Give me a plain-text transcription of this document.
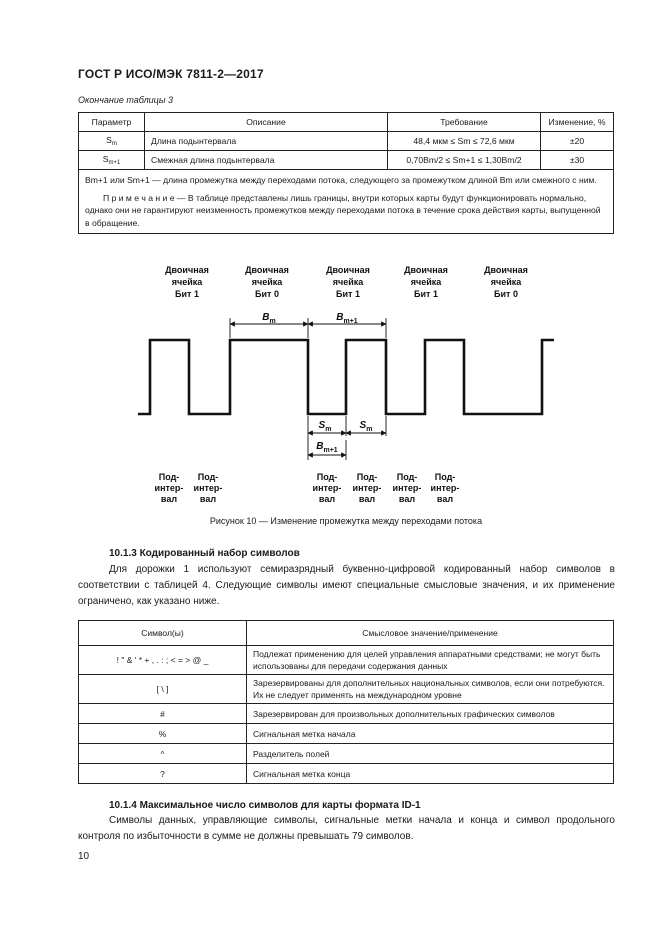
ГОСТ Р ИСО/МЭК 7811-2—2017
Окончание таблицы 3
Параметр	Описание	Требование	Изменение, %
$S_m$	Длина подынтервала	48,4 мкм ≤ Sm ≤ 72,6 мкм	±20
$S_{m+1}$	Смежная длина подынтервала	0,70Bm/2 ≤ Sm+1 ≤ 1,30Bm/2	±30

Bm+1 или Sm+1 — длина промежутка между переходами потока, следующего за промежутком длиной Bm или смежного с ним.

П р и м е ч а н и е — В таблице представлены лишь границы, внутри которых карты будут функционировать нормально, однако они не гарантируют неизменность промежутков между переходами потока в течение срока действия карты, выпущенной в обращение.			

Двоичная
ячейка
Бит 1
Двоичная
ячейка
Бит 0
Двоичная
ячейка
Бит 1
Двоичная
ячейка
Бит 1
Двоичная
ячейка
Бит 0
$B_m$	$B_{m+1}$
$S_m$	$S_m$
$B_{m+1}$
Под-интер-вал
Под-интер-вал
Под-интер-вал
Под-интер-вал
Под-интер-вал
Под-интер-вал
Рисунок 10 — Изменение промежутка между переходами потока
10.1.3 Кодированный набор символов
Для дорожки 1 используют семиразрядный буквенно-цифровой кодированный набор символов в соответствии с таблицей 4. Следующие символы имеют специальные смысловые значения, и их применение ограничено, как указано ниже.
Символ(ы)	Смысловое значение/применение
! " & ' * + , . : ; < = > @ _	Подлежат применению для целей управления аппаратными средствами; не могут быть использованы для передачи содержания данных
[ \ ]	Зарезервированы для дополнительных национальных символов, если они потребуются. Их не следует применять на международном уровне
#	Зарезервирован для произвольных дополнительных графических символов
%	Сигнальная метка начала
^	Разделитель полей
?	Сигнальная метка конца
10.1.4 Максимальное число символов для карты формата ID-1
Символы данных, управляющие символы, сигнальные метки начала и конца и символ продольного контроля по избыточности в сумме не должны превышать 79 символов.
10
